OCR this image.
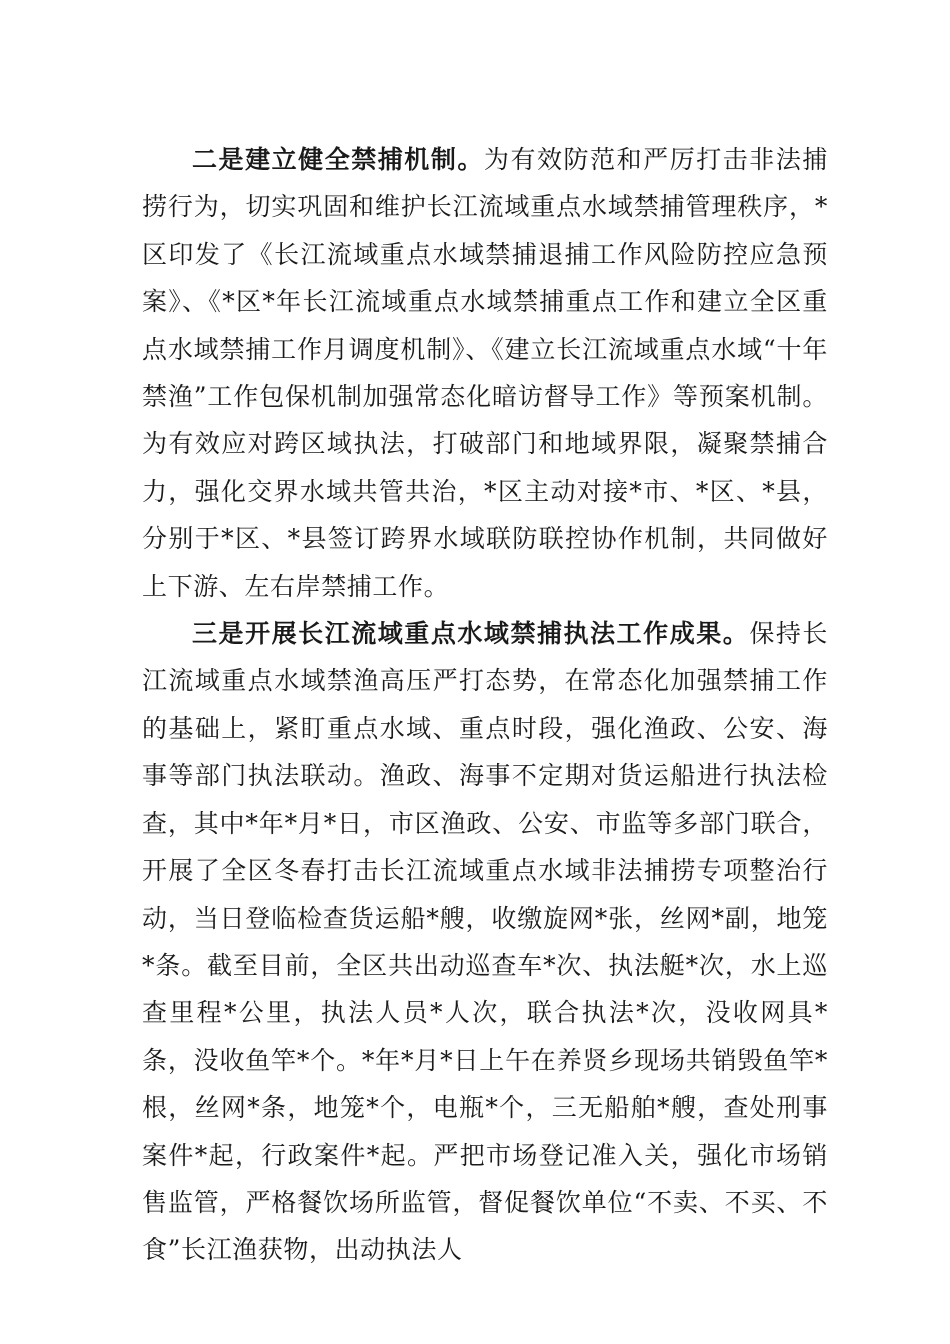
二是建立健全禁捕机制。为有效防范和严厉打击非法捕捞行为，切实巩固和维护长江流域重点水域禁捕管理秩序，*区印发了《长江流域重点水域禁捕退捕工作风险防控应急预案》、《*区*年长江流域重点水域禁捕重点工作和建立全区重点水域禁捕工作月调度机制》、《建立长江流域重点水域“十年禁渔”工作包保机制加强常态化暗访督导工作》等预案机制。为有效应对跨区域执法，打破部门和地域界限，凝聚禁捕合力，强化交界水域共管共治，*区主动对接*市、*区、*县，分别于*区、*县签订跨界水域联防联控协作机制，共同做好上下游、左右岸禁捕工作。

三是开展长江流域重点水域禁捕执法工作成果。保持长江流域重点水域禁渔高压严打态势，在常态化加强禁捕工作的基础上，紧盯重点水域、重点时段，强化渔政、公安、海事等部门执法联动。渔政、海事不定期对货运船进行执法检查，其中*年*月*日，市区渔政、公安、市监等多部门联合，开展了全区冬春打击长江流域重点水域非法捕捞专项整治行动，当日登临检查货运船*艘，收缴旋网*张，丝网*副，地笼*条。截至目前，全区共出动巡查车*次、执法艇*次，水上巡查里程*公里，执法人员*人次，联合执法*次，没收网具*条，没收鱼竿*个。*年*月*日上午在养贤乡现场共销毁鱼竿*根，丝网*条，地笼*个，电瓶*个，三无船舶*艘，查处刑事案件*起，行政案件*起。严把市场登记准入关，强化市场销售监管，严格餐饮场所监管，督促餐饮单位“不卖、不买、不食”长江渔获物，出动执法人
